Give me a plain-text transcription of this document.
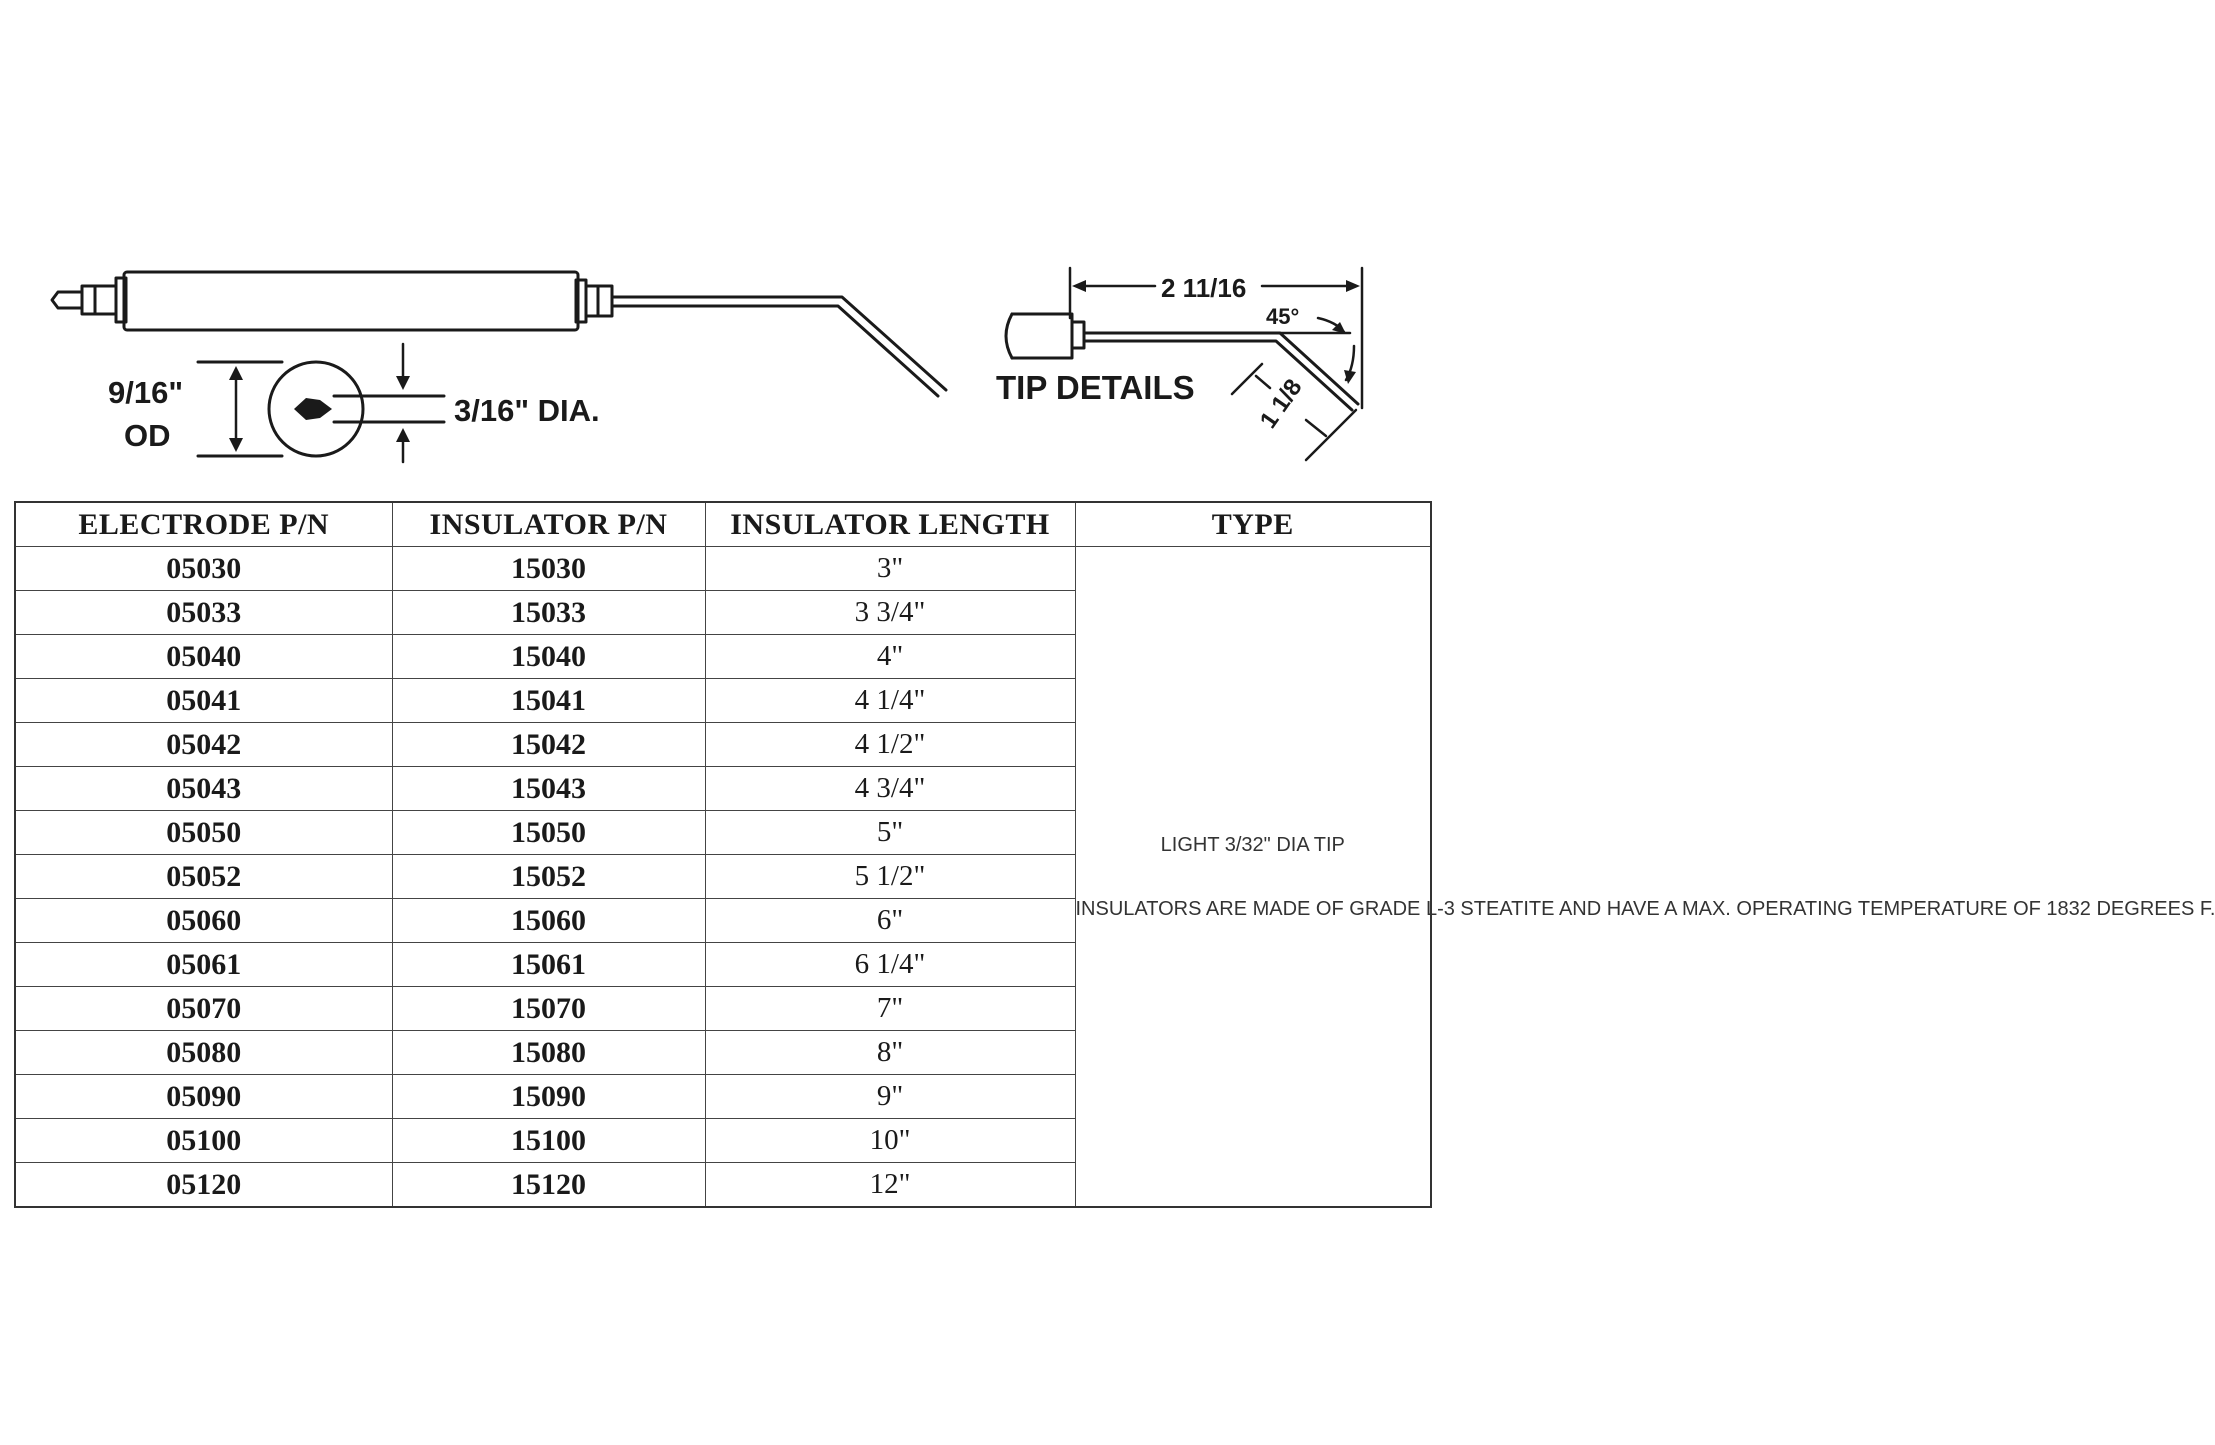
9/16"
OD
3/16" DIA.
TIP DETAILS
2 11/16
45°
1 1/8
ELECTRODE P/N	INSULATOR P/N	INSULATOR LENGTH	TYPE
05030	15030	3"	LIGHT 3/32" DIA TIP
INSULATORS ARE MADE OF GRADE L-3 STEATITE AND HAVE A MAX. OPERATING TEMPERATURE OF 1832 DEGREES F.

05033	15033	3 3/4"	
05040	15040	4"	
05041	15041	4 1/4"	
05042	15042	4 1/2"	
05043	15043	4 3/4"	
05050	15050	5"	
05052	15052	5 1/2"	
05060	15060	6"	
05061	15061	6 1/4"	
05070	15070	7"	
05080	15080	8"	
05090	15090	9"	
05100	15100	10"	
05120	15120	12"	
